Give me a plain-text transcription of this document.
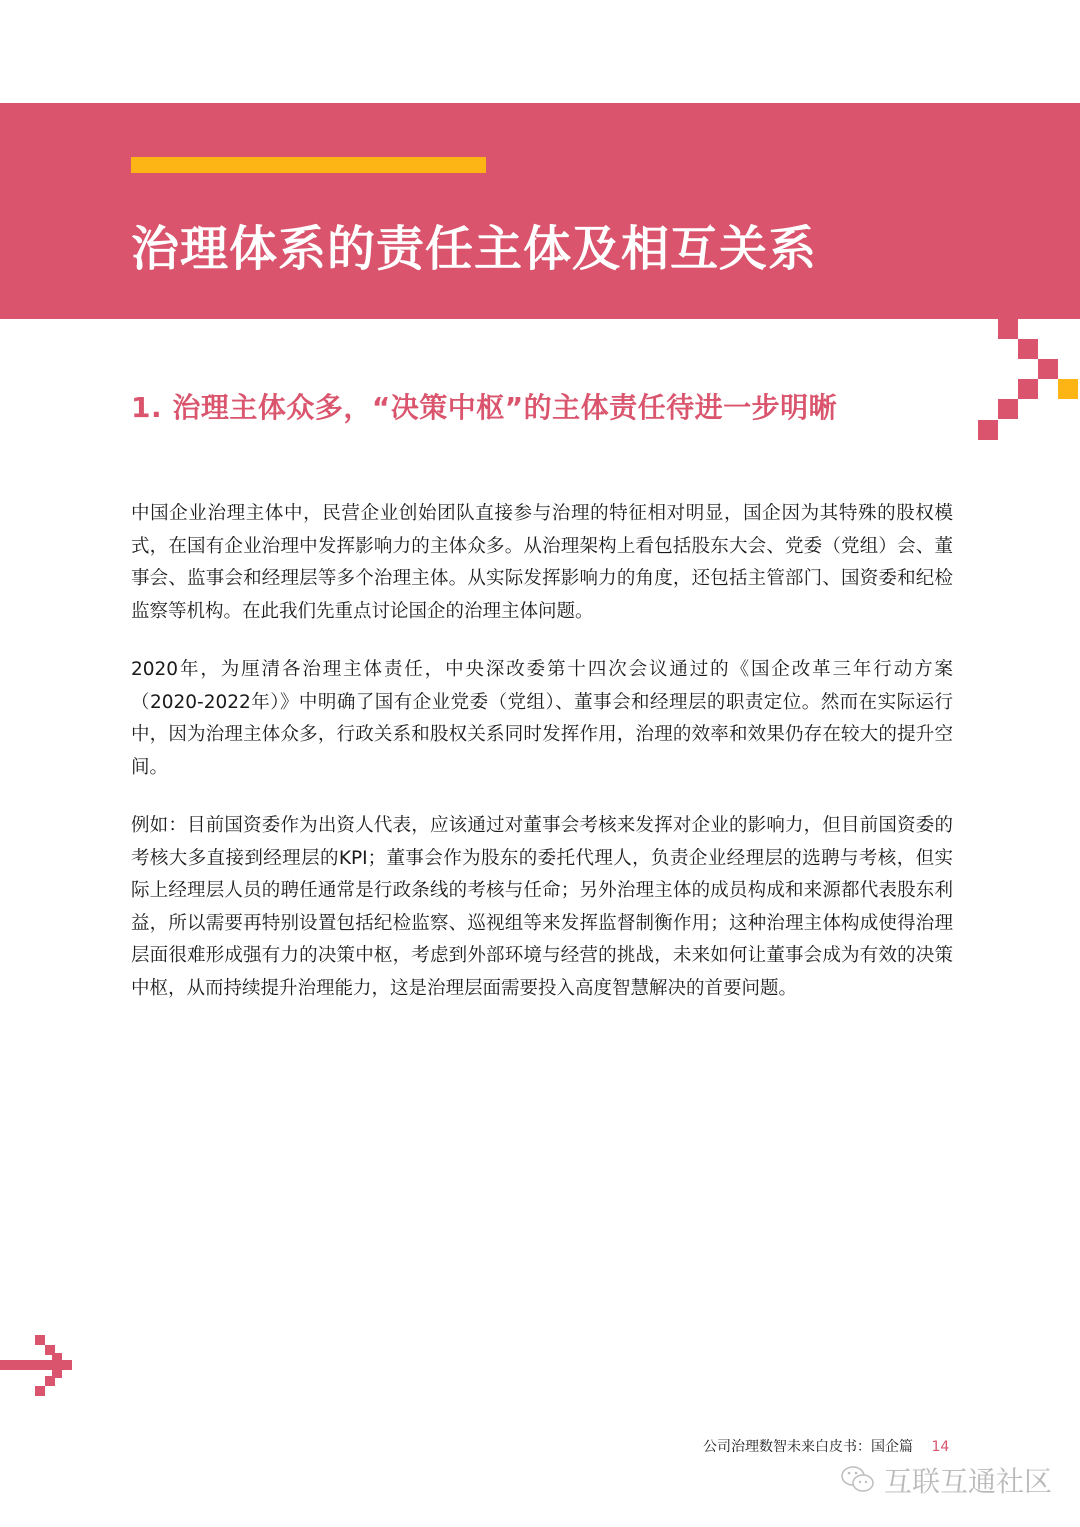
治理体系的责任主体及相互关系
1. 治理主体众多，“决策中枢”的主体责任待进一步明晰

中国企业治理主体中，民营企业创始团队直接参与治理的特征相对明显，国企因为其特殊的股权模式，在国有企业治理中发挥影响力的主体众多。从治理架构上看包括股东大会、党委（党组）会、董事会、监事会和经理层等多个治理主体。从实际发挥影响力的角度，还包括主管部门、国资委和纪检监察等机构。在此我们先重点讨论国企的治理主体问题。

2020年，为厘清各治理主体责任，中央深改委第十四次会议通过的《国企改革三年行动方案（2020-2022年）》中明确了国有企业党委（党组）、董事会和经理层的职责定位。然而在实际运行中，因为治理主体众多，行政关系和股权关系同时发挥作用，治理的效率和效果仍存在较大的提升空间。

例如：目前国资委作为出资人代表，应该通过对董事会考核来发挥对企业的影响力，但目前国资委的考核大多直接到经理层的KPI；董事会作为股东的委托代理人，负责企业经理层的选聘与考核，但实际上经理层人员的聘任通常是行政条线的考核与任命；另外治理主体的成员构成和来源都代表股东利益，所以需要再特别设置包括纪检监察、巡视组等来发挥监督制衡作用；这种治理主体构成使得治理层面很难形成强有力的决策中枢，考虑到外部环境与经营的挑战，未来如何让董事会成为有效的决策中枢，从而持续提升治理能力，这是治理层面需要投入高度智慧解决的首要问题。

公司治理数智未来白皮书：国企篇 14
互联互通社区
